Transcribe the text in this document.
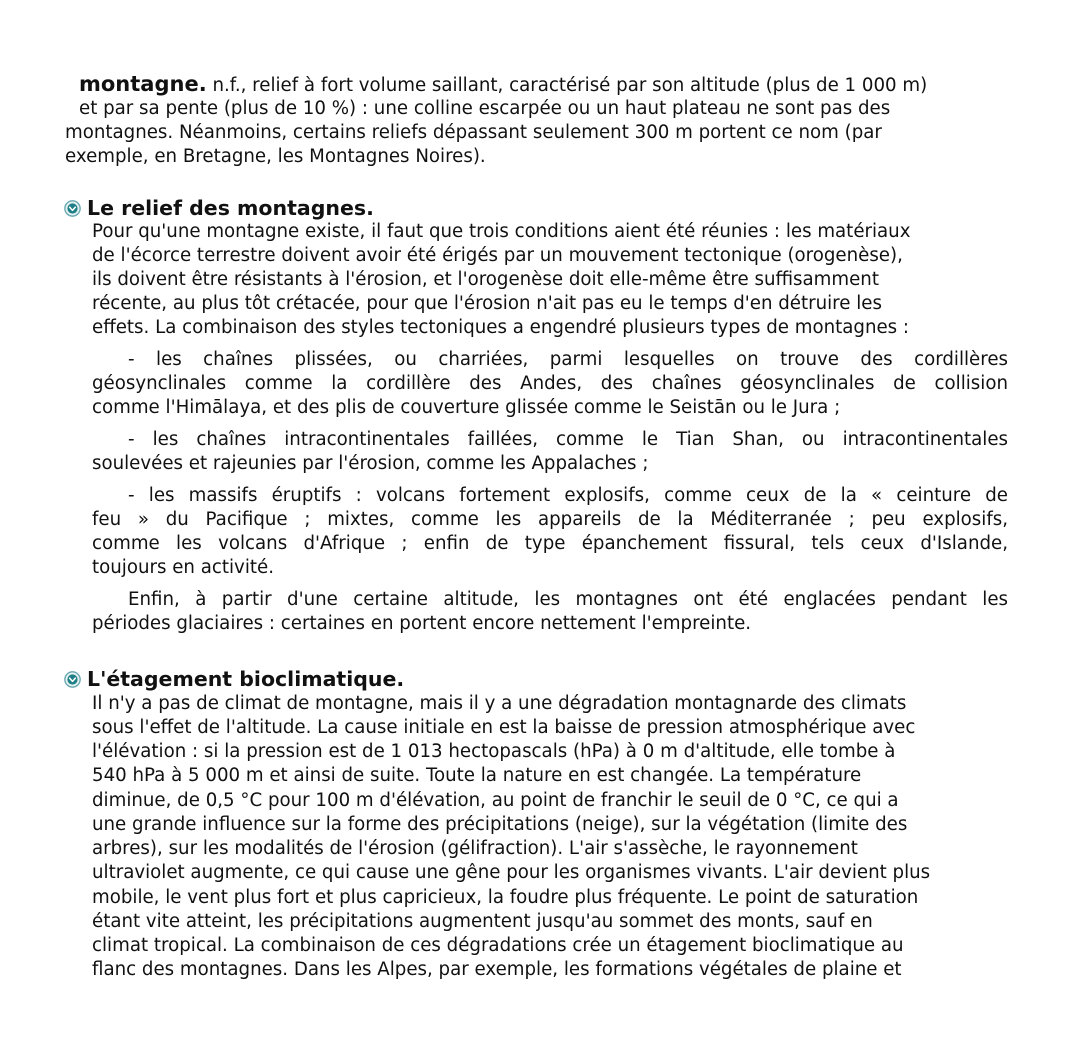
montagne. n.f., relief à fort volume saillant, caractérisé par son altitude (plus de 1 000 m)
et par sa pente (plus de 10 %) : une colline escarpée ou un haut plateau ne sont pas des
montagnes. Néanmoins, certains reliefs dépassant seulement 300 m portent ce nom (par
exemple, en Bretagne, les Montagnes Noires).
Le relief des montagnes.
Pour qu'une montagne existe, il faut que trois conditions aient été réunies : les matériaux
de l'écorce terrestre doivent avoir été érigés par un mouvement tectonique (orogenèse),
ils doivent être résistants à l'érosion, et l'orogenèse doit elle-même être suffisamment
récente, au plus tôt crétacée, pour que l'érosion n'ait pas eu le temps d'en détruire les
effets. La combinaison des styles tectoniques a engendré plusieurs types de montagnes :
- les chaînes plissées, ou charriées, parmi lesquelles on trouve des cordillères
géosynclinales comme la cordillère des Andes, des chaînes géosynclinales de collision
comme l'Himālaya, et des plis de couverture glissée comme le Seistān ou le Jura ;
- les chaînes intracontinentales faillées, comme le Tian Shan, ou intracontinentales
soulevées et rajeunies par l'érosion, comme les Appalaches ;
- les massifs éruptifs : volcans fortement explosifs, comme ceux de la « ceinture de
feu » du Pacifique ; mixtes, comme les appareils de la Méditerranée ; peu explosifs,
comme les volcans d'Afrique ; enfin de type épanchement fissural, tels ceux d'Islande,
toujours en activité.
Enfin, à partir d'une certaine altitude, les montagnes ont été englacées pendant les
périodes glaciaires : certaines en portent encore nettement l'empreinte.
L'étagement bioclimatique.
Il n'y a pas de climat de montagne, mais il y a une dégradation montagnarde des climats
sous l'effet de l'altitude. La cause initiale en est la baisse de pression atmosphérique avec
l'élévation : si la pression est de 1 013 hectopascals (hPa) à 0 m d'altitude, elle tombe à
540 hPa à 5 000 m et ainsi de suite. Toute la nature en est changée. La température
diminue, de 0,5 °C pour 100 m d'élévation, au point de franchir le seuil de 0 °C, ce qui a
une grande influence sur la forme des précipitations (neige), sur la végétation (limite des
arbres), sur les modalités de l'érosion (gélifraction). L'air s'assèche, le rayonnement
ultraviolet augmente, ce qui cause une gêne pour les organismes vivants. L'air devient plus
mobile, le vent plus fort et plus capricieux, la foudre plus fréquente. Le point de saturation
étant vite atteint, les précipitations augmentent jusqu'au sommet des monts, sauf en
climat tropical. La combinaison de ces dégradations crée un étagement bioclimatique au
flanc des montagnes. Dans les Alpes, par exemple, les formations végétales de plaine et
